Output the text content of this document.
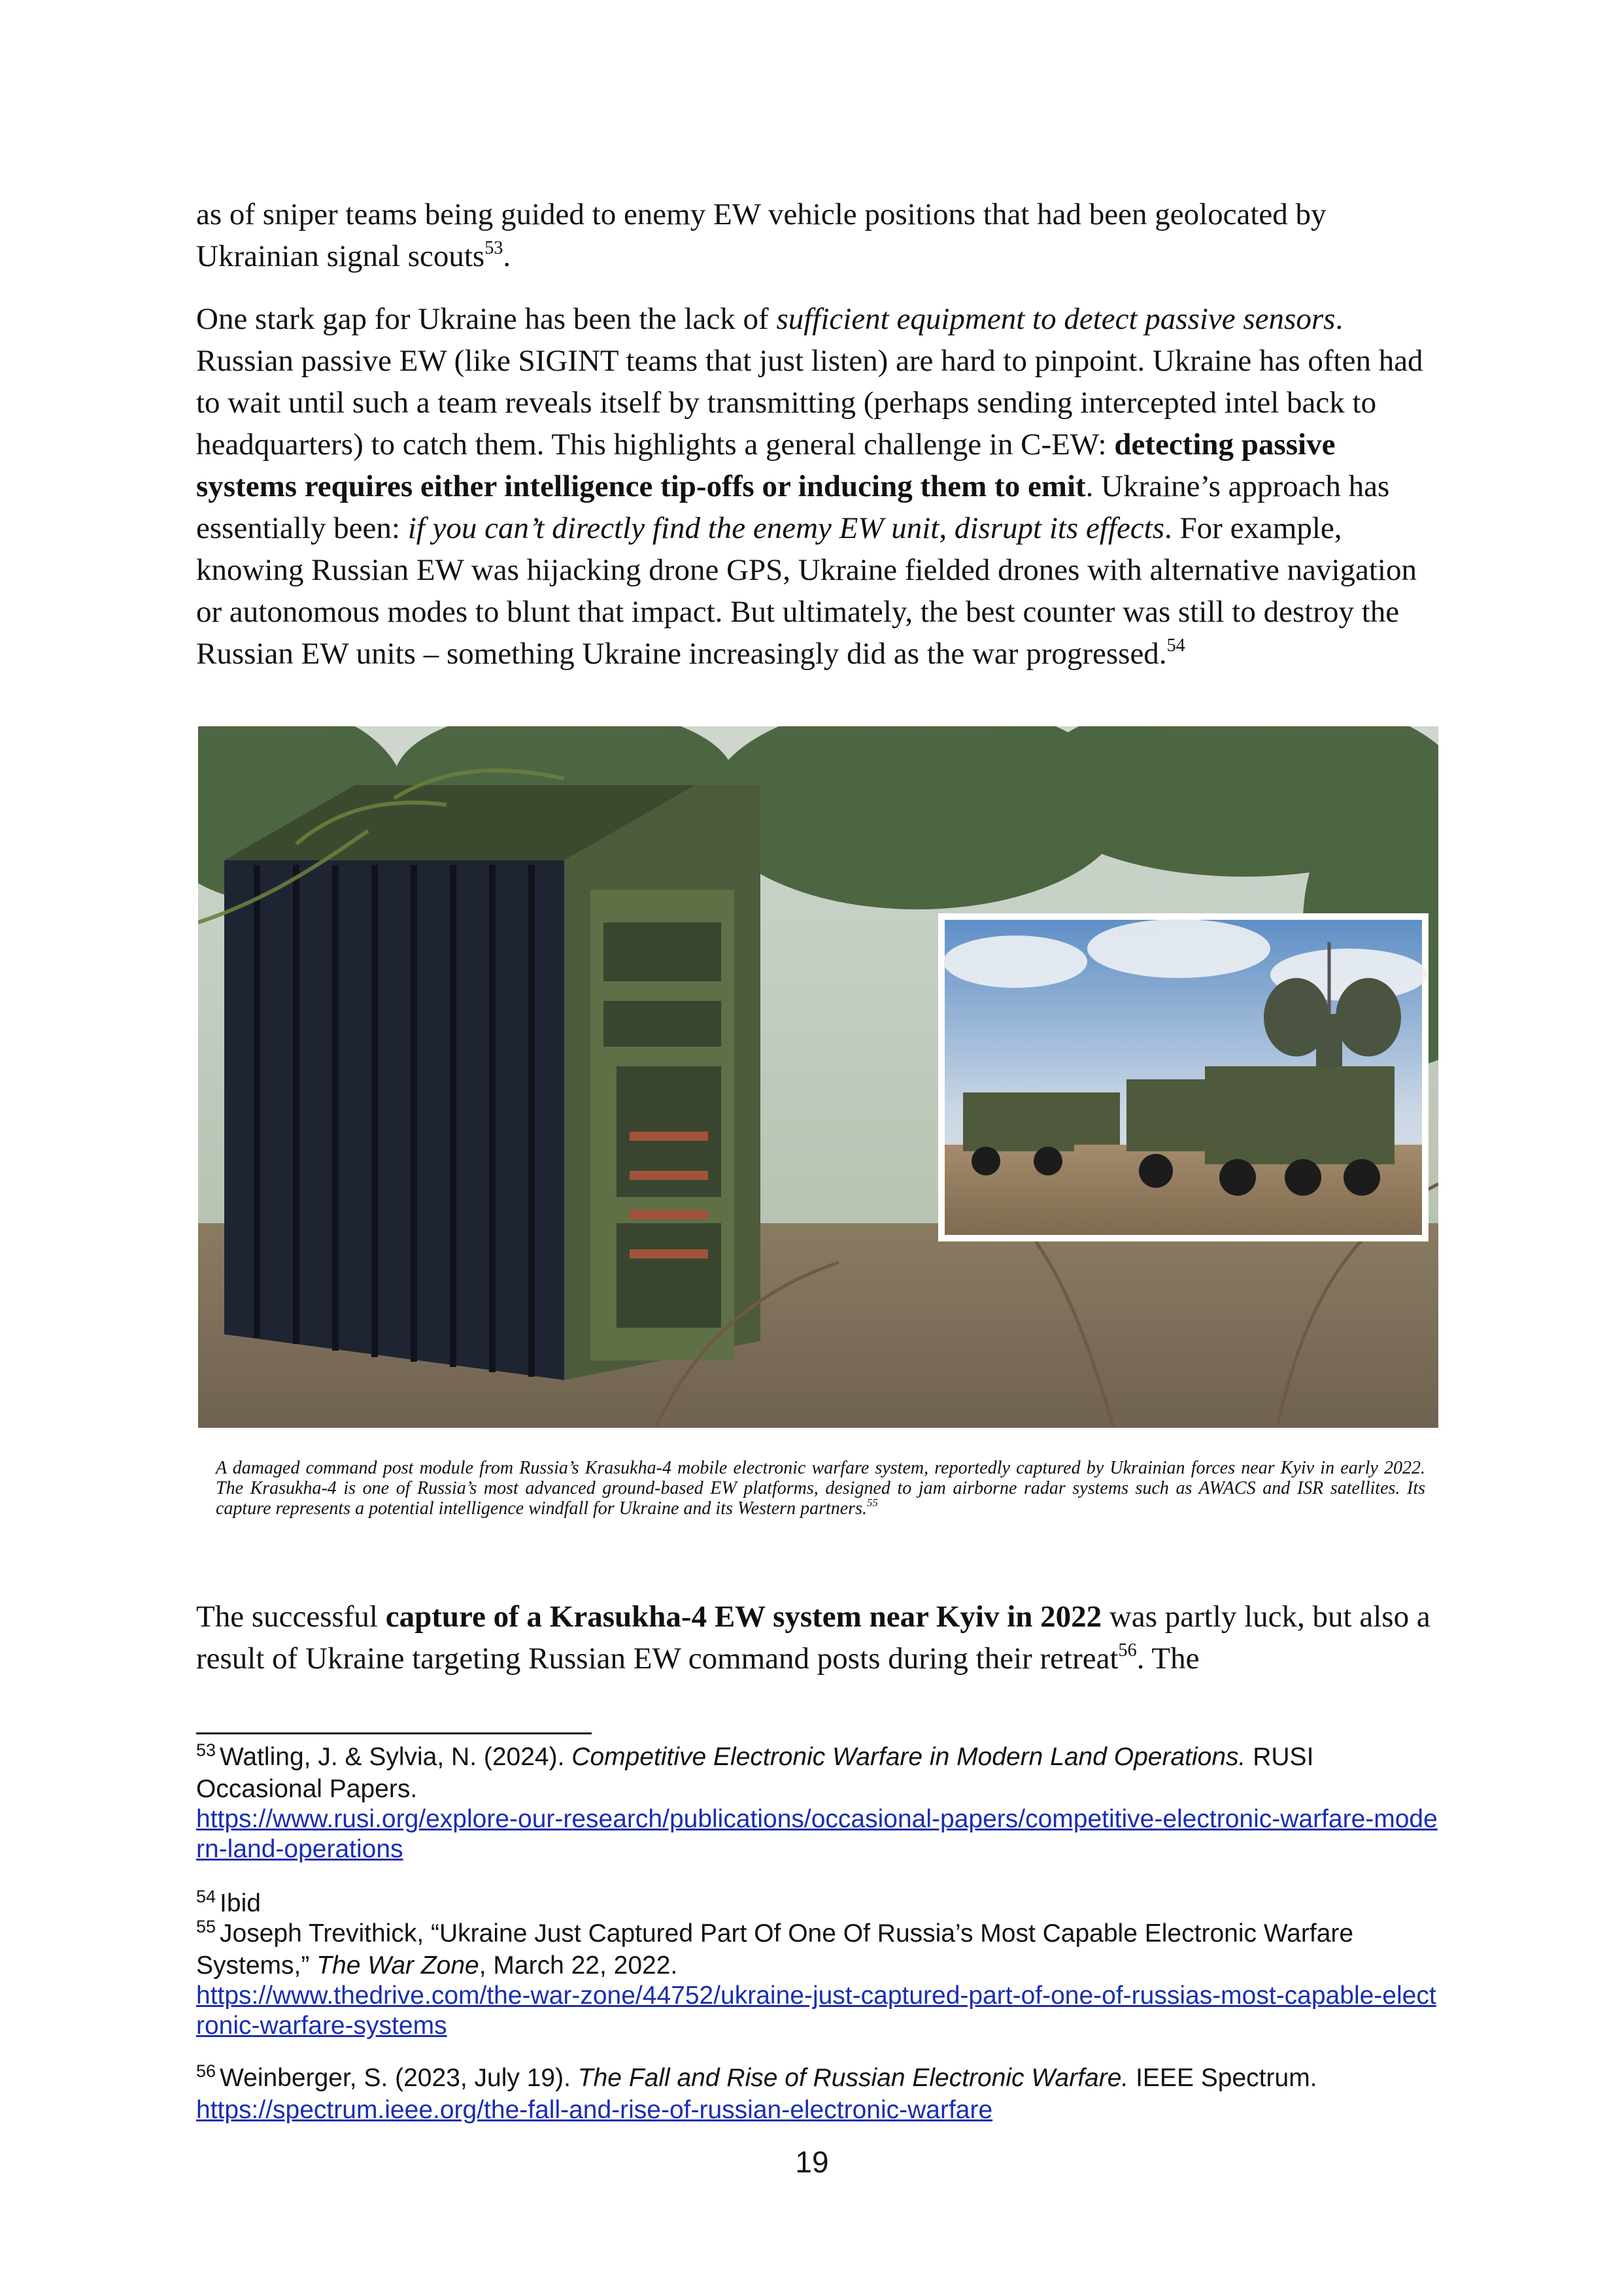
as of sniper teams being guided to enemy EW vehicle positions that had been geolocated by Ukrainian signal scouts$^{53}$.

One stark gap for Ukraine has been the lack of sufficient equipment to detect passive sensors. Russian passive EW (like SIGINT teams that just listen) are hard to pinpoint. Ukraine has often had to wait until such a team reveals itself by transmitting (perhaps sending intercepted intel back to headquarters) to catch them. This highlights a general challenge in C-EW: detecting passive systems requires either intelligence tip-offs or inducing them to emit. Ukraine’s approach has essentially been: if you can’t directly find the enemy EW unit, disrupt its effects. For example, knowing Russian EW was hijacking drone GPS, Ukraine fielded drones with alternative navigation or autonomous modes to blunt that impact. But ultimately, the best counter was still to destroy the Russian EW units – something Ukraine increasingly did as the war progressed.$^{54}$

A damaged command post module from Russia’s Krasukha-4 mobile electronic warfare system, reportedly captured by Ukrainian forces near Kyiv in early 2022. The Krasukha-4 is one of Russia’s most advanced ground-based EW platforms, designed to jam airborne radar systems such as AWACS and ISR satellites. Its capture represents a potential intelligence windfall for Ukraine and its Western partners.$^{55}$

The successful capture of a Krasukha-4 EW system near Kyiv in 2022 was partly luck, but also a result of Ukraine targeting Russian EW command posts during their retreat$^{56}$. The

$^{53}$ Watling, J. & Sylvia, N. (2024). Competitive Electronic Warfare in Modern Land Operations. RUSI Occasional Papers.
https://www.rusi.org/explore-our-research/publications/occasional-papers/competitive-electronic-warfare-modern-land-operations

$^{54}$ Ibid

$^{55}$ Joseph Trevithick, “Ukraine Just Captured Part Of One Of Russia’s Most Capable Electronic Warfare Systems,” The War Zone, March 22, 2022.
https://www.thedrive.com/the-war-zone/44752/ukraine-just-captured-part-of-one-of-russias-most-capable-electronic-warfare-systems

$^{56}$ Weinberger, S. (2023, July 19). The Fall and Rise of Russian Electronic Warfare. IEEE Spectrum. https://spectrum.ieee.org/the-fall-and-rise-of-russian-electronic-warfare

19
